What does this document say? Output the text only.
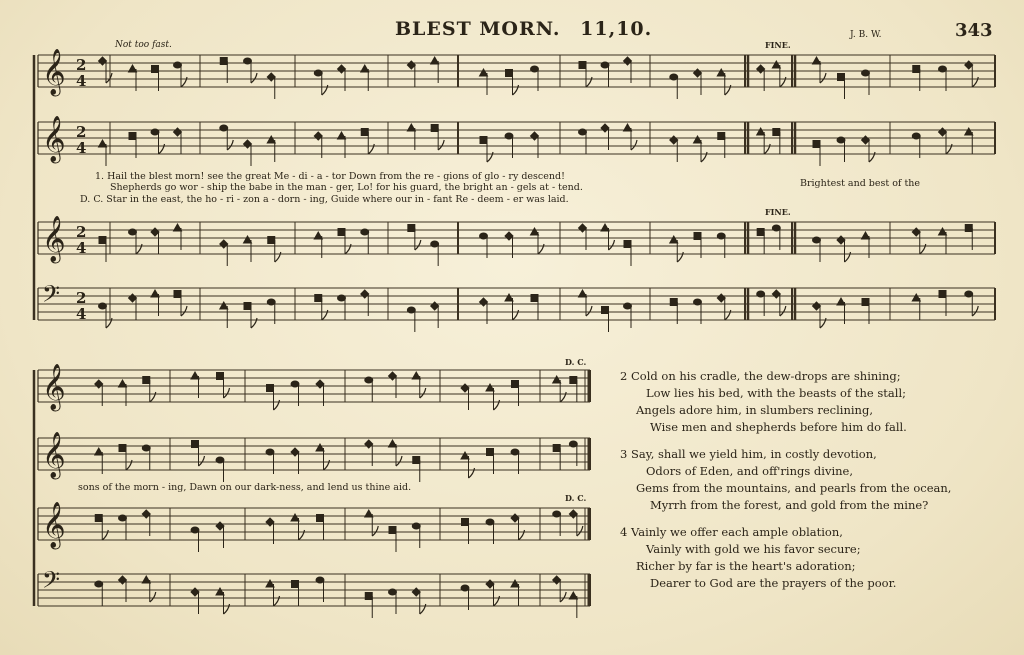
BLEST MORN. 11,10.	J. B. W.	343
Not too fast.	FINE.
FINE.
D. C.
D. C.
𝄞 2
4
𝄞 2
4
𝄞 2
4
𝄢 2
4
𝄞
𝄞
𝄞
𝄢
1. Hail the blest morn! see the great Me - di - a - tor Down from the re - gions of glo - ry descend!
Shepherds go wor - ship the babe in the man - ger, Lo! for his guard, the bright an - gels at - tend.
D. C. Star in the east, the ho - ri - zon a - dorn - ing, Guide where our in - fant Re - deem - er was laid.
Brightest and best of the
sons of the morn - ing, Dawn on our dark-ness, and lend us thine aid.
2 Cold on his cradle, the dew-drops are shining;
Low lies his bed, with the beasts of the stall;
Angels adore him, in slumbers reclining,
Wise men and shepherds before him do fall.
3 Say, shall we yield him, in costly devotion,
Odors of Eden, and off'rings divine,
Gems from the mountains, and pearls from the ocean,
Myrrh from the forest, and gold from the mine?
4 Vainly we offer each ample oblation,
Vainly with gold we his favor secure;
Richer by far is the heart's adoration;
Dearer to God are the prayers of the poor.
